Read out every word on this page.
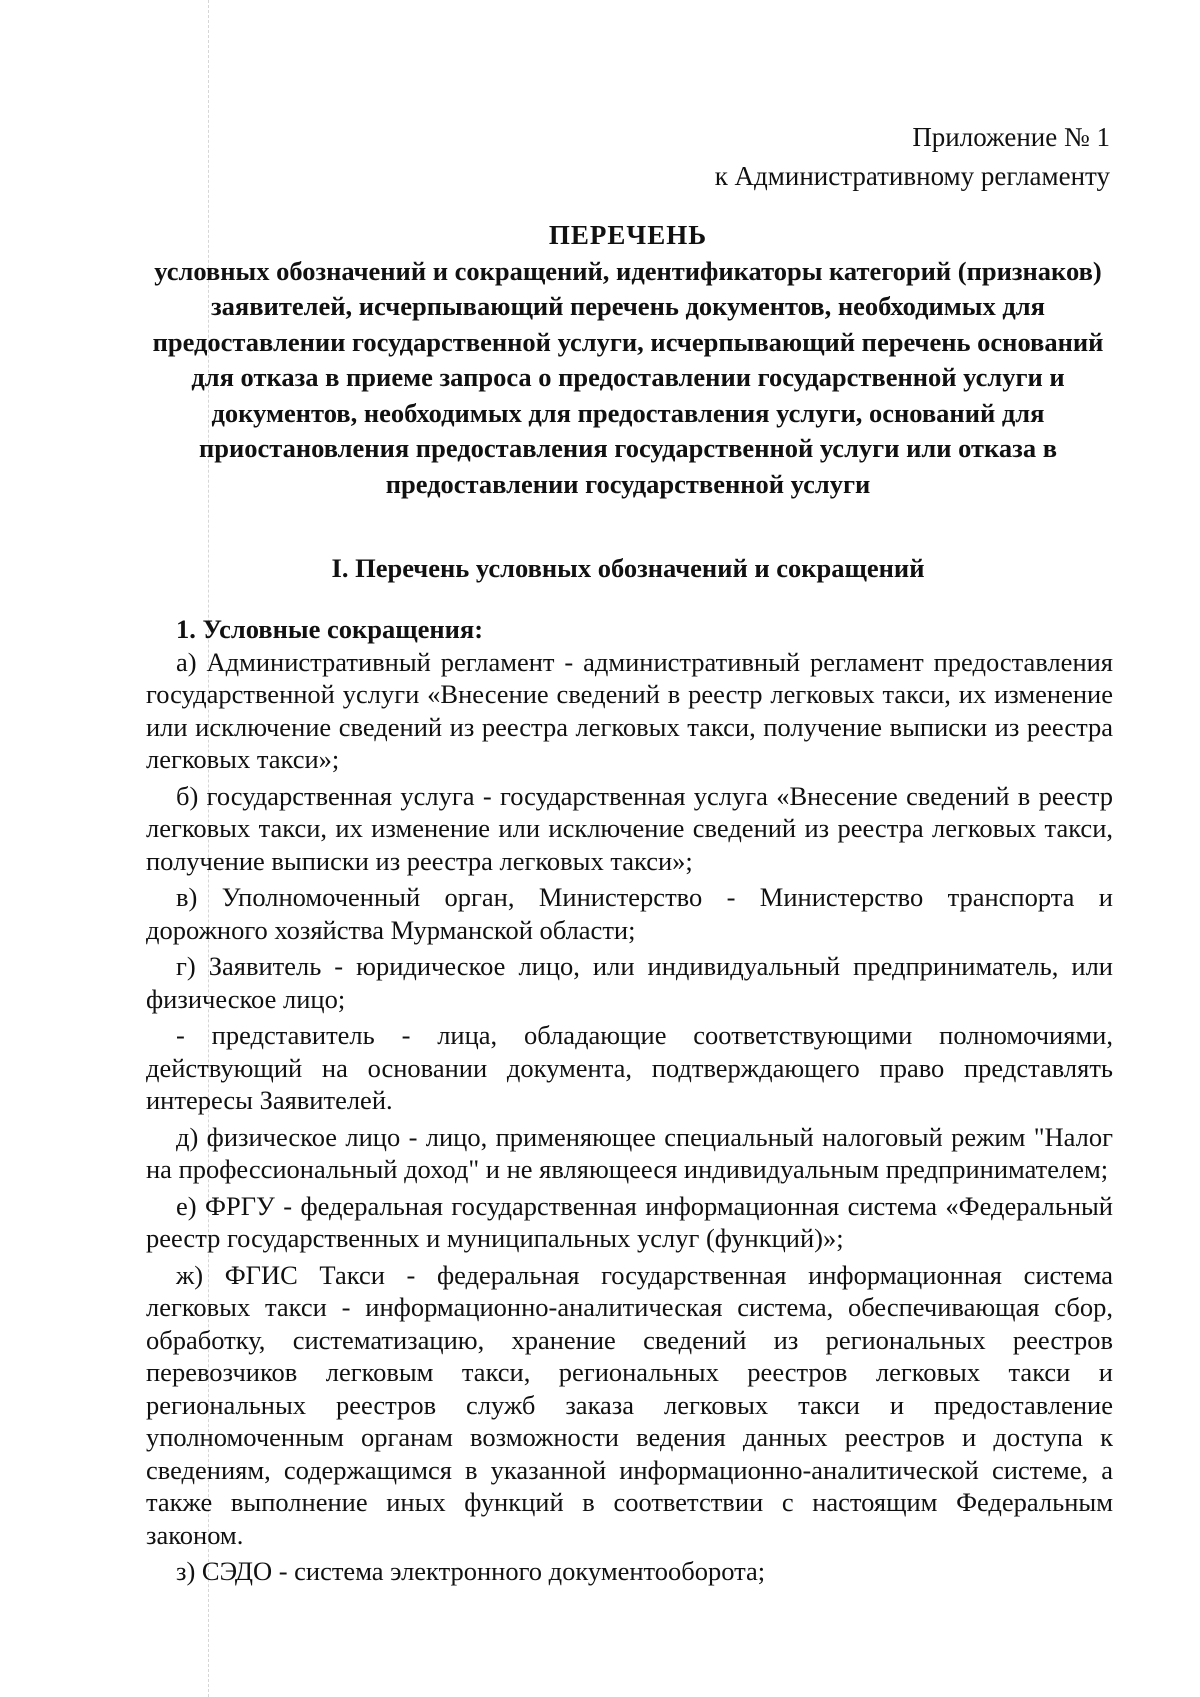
Приложение № 1
к Административному регламенту
ПЕРЕЧЕНЬ
условных обозначений и сокращений, идентификаторы категорий (признаков) заявителей, исчерпывающий перечень документов, необходимых для предоставлении государственной услуги, исчерпывающий перечень оснований для отказа в приеме запроса о предоставлении государственной услуги и документов, необходимых для предоставления услуги, оснований для приостановления предоставления государственной услуги или отказа в предоставлении государственной услуги
I. Перечень условных обозначений и сокращений

1. Условные сокращения:

а) Административный регламент - административный регламент предоставления государственной услуги «Внесение сведений в реестр легковых такси, их изменение или исключение сведений из реестра легковых такси, получение выписки из реестра легковых такси»;

б) государственная услуга - государственная услуга «Внесение сведений в реестр легковых такси, их изменение или исключение сведений из реестра легковых такси, получение выписки из реестра легковых такси»;

в) Уполномоченный орган, Министерство - Министерство транспорта и дорожного хозяйства Мурманской области;

г) Заявитель - юридическое лицо, или индивидуальный предприниматель, или физическое лицо;

- представитель - лица, обладающие соответствующими полномочиями, действующий на основании документа, подтверждающего право представлять интересы Заявителей.

д) физическое лицо - лицо, применяющее специальный налоговый режим "Налог на профессиональный доход" и не являющееся индивидуальным предпринимателем;

е) ФРГУ - федеральная государственная информационная система «Федеральный реестр государственных и муниципальных услуг (функций)»;

ж) ФГИС Такси - федеральная государственная информационная система легковых такси - информационно-аналитическая система, обеспечивающая сбор, обработку, систематизацию, хранение сведений из региональных реестров перевозчиков легковым такси, региональных реестров легковых такси и региональных реестров служб заказа легковых такси и предоставление уполномоченным органам возможности ведения данных реестров и доступа к сведениям, содержащимся в указанной информационно-аналитической системе, а также выполнение иных функций в соответствии с настоящим Федеральным законом.

з) СЭДО - система электронного документооборота;
